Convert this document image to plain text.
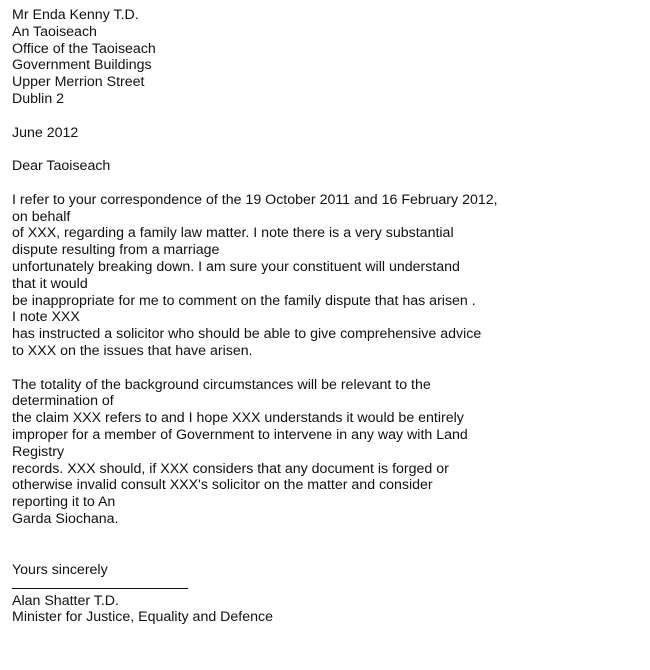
Mr Enda Kenny T.D.
An Taoiseach
Office of the Taoiseach
Government Buildings
Upper Merrion Street
Dublin 2
June 2012
Dear Taoiseach
I refer to your correspondence of the 19 October 2011 and 16 February 2012,
on behalf
of XXX, regarding a family law matter. I note there is a very substantial
dispute resulting from a marriage
unfortunately breaking down. I am sure your constituent will understand
that it would
be inappropriate for me to comment on the family dispute that has arisen .
I note XXX
has instructed a solicitor who should be able to give comprehensive advice
to XXX on the issues that have arisen.
The totality of the background circumstances will be relevant to the
determination of
the claim XXX refers to and I hope XXX understands it would be entirely
improper for a member of Government to intervene in any way with Land
Registry
records. XXX should, if XXX considers that any document is forged or
otherwise invalid consult XXX's solicitor on the matter and consider
reporting it to An
Garda Siochana.
Yours sincerely
Alan Shatter T.D.
Minister for Justice, Equality and Defence
